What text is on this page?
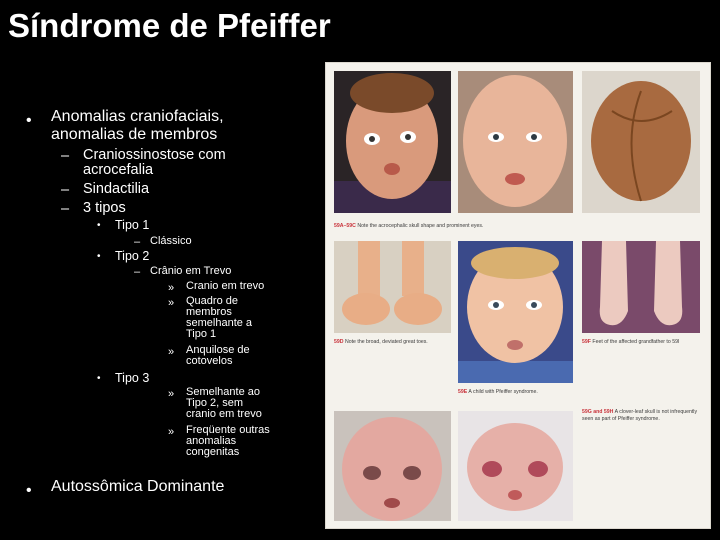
Síndrome de Pfeiffer
• Anomalias craniofaciais,
anomalias de membros
– Craniossinostose com
acrocefalia
– Sindactilia
– 3 tipos
• Tipo 1
– Clássico
• Tipo 2
– Crânio em Trevo
» Cranio em trevo
» Quadro de
membros
semelhante a
Tipo 1
» Anquilose de
cotovelos
• Tipo 3
» Semelhante ao
Tipo 2, sem
cranio em trevo
» Freqüente outras
anomalias
congenitas
• Autossômica Dominante
59A–59C Note the acrocephalic skull shape and prominent eyes.
59D Note the broad, deviated great toes.	59F Feet of the affected grandfather to 59I
59E A child with Pfeiffer syndrome.
59G and 59H A clover-leaf skull is not infrequently seen as part of Pfeiffer syndrome.
